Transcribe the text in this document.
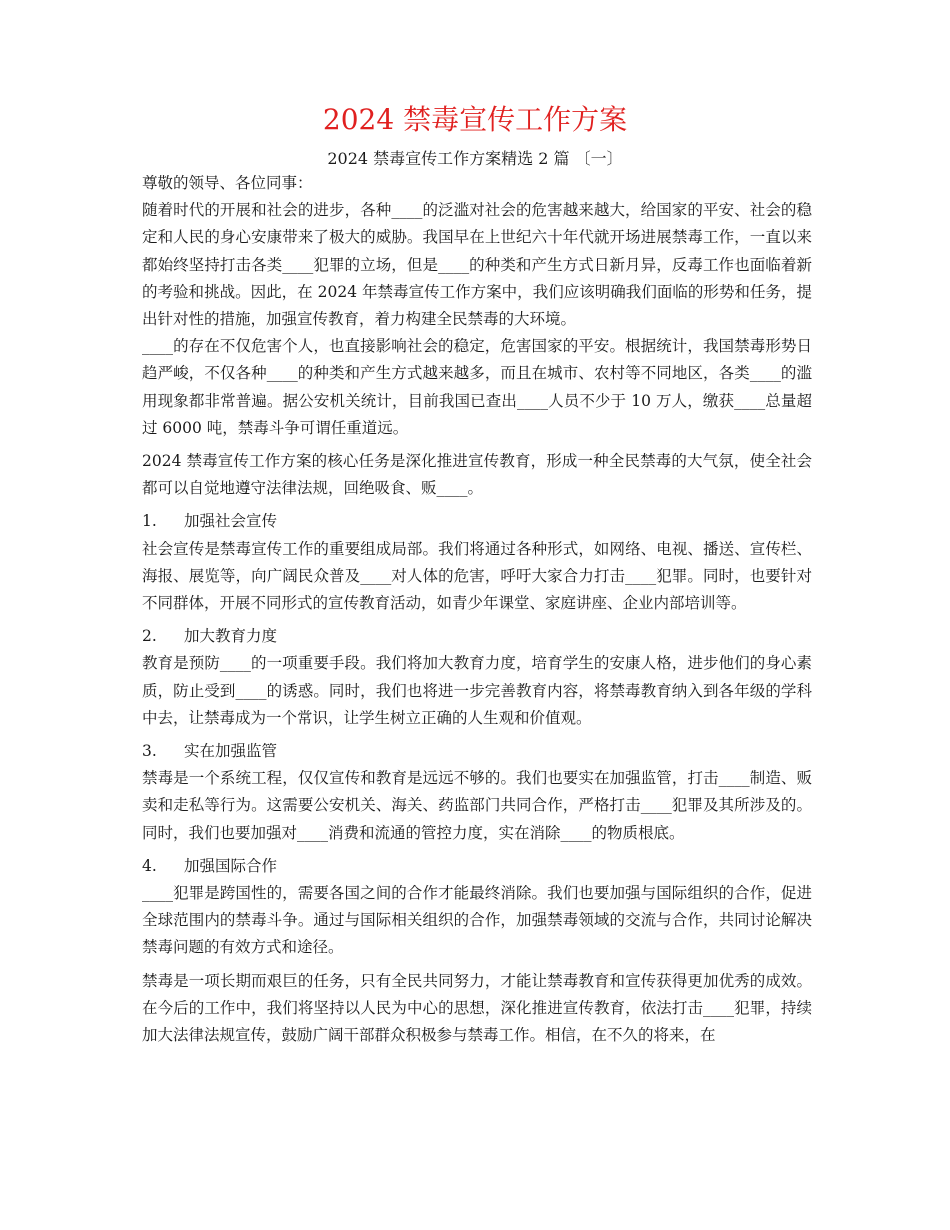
2024 禁毒宣传工作方案
2024 禁毒宣传工作方案精选 2 篇 〔一〕

尊敬的领导、各位同事：

随着时代的开展和社会的进步，各种____的泛滥对社会的危害越来越大，给国家的平安、社会的稳定和人民的身心安康带来了极大的威胁。我国早在上世纪六十年代就开场进展禁毒工作，一直以来都始终坚持打击各类____犯罪的立场，但是____的种类和产生方式日新月异，反毒工作也面临着新的考验和挑战。因此，在 2024 年禁毒宣传工作方案中，我们应该明确我们面临的形势和任务，提出针对性的措施，加强宣传教育，着力构建全民禁毒的大环境。

____的存在不仅危害个人，也直接影响社会的稳定，危害国家的平安。根据统计，我国禁毒形势日趋严峻，不仅各种____的种类和产生方式越来越多，而且在城市、农村等不同地区，各类____的滥用现象都非常普遍。据公安机关统计，目前我国已查出____人员不少于 10 万人，缴获____总量超过 6000 吨，禁毒斗争可谓任重道远。

2024 禁毒宣传工作方案的核心任务是深化推进宣传教育，形成一种全民禁毒的大气氛，使全社会都可以自觉地遵守法律法规，回绝吸食、贩____。

1. 加强社会宣传

社会宣传是禁毒宣传工作的重要组成局部。我们将通过各种形式，如网络、电视、播送、宣传栏、海报、展览等，向广阔民众普及____对人体的危害，呼吁大家合力打击____犯罪。同时，也要针对不同群体，开展不同形式的宣传教育活动，如青少年课堂、家庭讲座、企业内部培训等。

2. 加大教育力度

教育是预防____的一项重要手段。我们将加大教育力度，培育学生的安康人格，进步他们的身心素质，防止受到____的诱惑。同时，我们也将进一步完善教育内容，将禁毒教育纳入到各年级的学科中去，让禁毒成为一个常识，让学生树立正确的人生观和价值观。

3. 实在加强监管

禁毒是一个系统工程，仅仅宣传和教育是远远不够的。我们也要实在加强监管，打击____制造、贩卖和走私等行为。这需要公安机关、海关、药监部门共同合作，严格打击____犯罪及其所涉及的。同时，我们也要加强对____消费和流通的管控力度，实在消除____的物质根底。

4. 加强国际合作

____犯罪是跨国性的，需要各国之间的合作才能最终消除。我们也要加强与国际组织的合作，促进全球范围内的禁毒斗争。通过与国际相关组织的合作，加强禁毒领域的交流与合作，共同讨论解决禁毒问题的有效方式和途径。

禁毒是一项长期而艰巨的任务，只有全民共同努力，才能让禁毒教育和宣传获得更加优秀的成效。在今后的工作中，我们将坚持以人民为中心的思想，深化推进宣传教育，依法打击____犯罪，持续加大法律法规宣传，鼓励广阔干部群众积极参与禁毒工作。相信，在不久的将来，在
